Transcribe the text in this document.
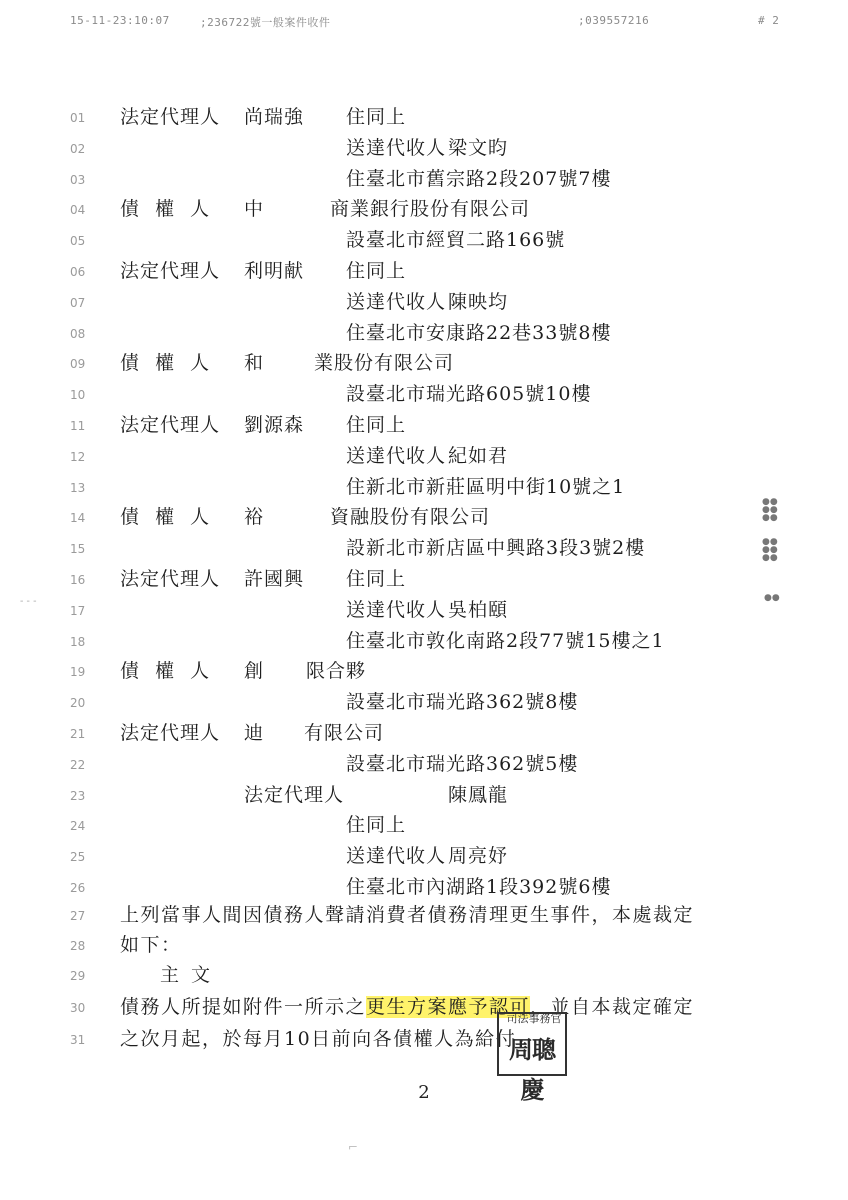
15-11-23:10:07	;236722號一般案件收件	;039557216	# 2
01	法定代理人 尚瑞強 住同上
02	送達代收人 梁文昀
03	住臺北市舊宗路2段207號7樓
04	債權人 中	商業銀行股份有限公司
05	設臺北市經貿二路166號
06	法定代理人 利明献 住同上
07	送達代收人 陳映均
08	住臺北市安康路22巷33號8樓
09	債權人 和	業股份有限公司
10	設臺北市瑞光路605號10樓
11	法定代理人 劉源森 住同上
12	送達代收人 紀如君
13	住新北市新莊區明中街10號之1
14	債權人 裕	資融股份有限公司
15	設新北市新店區中興路3段3號2樓
16	法定代理人 許國興 住同上
17	送達代收人 吳柏頤
18	住臺北市敦化南路2段77號15樓之1
19	債權人 創 限合夥
20	設臺北市瑞光路362號8樓
21	法定代理人 迪 有限公司
22	設臺北市瑞光路362號5樓
23	法定代理人	陳鳳龍
24	住同上
25	送達代收人 周亮妤
26	住臺北市內湖路1段392號6樓
27	上列當事人間因債務人聲請消費者債務清理更生事件，本處裁定
28	如下：
29	主文
30	債務人所提如附件一所示之更生方案應予認可，並自本裁定確定
31	之次月起，於每月10日前向各債權人為給付
司法事務官
周聰慶
2
●●
●●
●●
●●
●●
●●
●●
- - -
⌐
